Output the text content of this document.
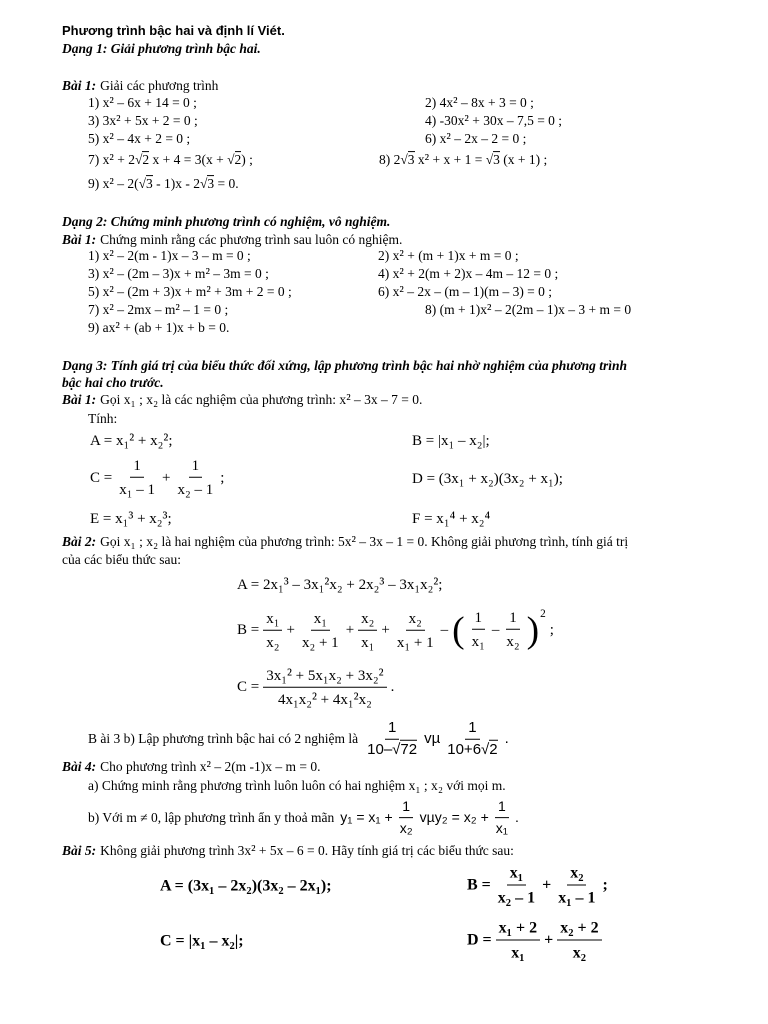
Phương trình bậc hai và định lí Viét.
Dạng 1: Giải phương trình bậc hai.
Bài 1: Giải các phương trình
1) x² – 6x + 14 = 0 ;	2) 4x² – 8x + 3 = 0 ;
3) 3x² + 5x + 2 = 0 ;	4) -30x² + 30x – 7,5 = 0 ;
5) x² – 4x + 2 = 0 ;	6) x² – 2x – 2 = 0 ;
7) x² + 2√2 x + 4 = 3(x + √2) ;	8) 2√3 x² + x + 1 = √3 (x + 1) ;
9) x² – 2(√3 - 1)x - 2√3 = 0.
Dạng 2: Chứng minh phương trình có nghiệm, vô nghiệm.
Bài 1: Chứng minh rằng các phương trình sau luôn có nghiệm.
1) x² – 2(m - 1)x – 3 – m = 0 ;	2) x² + (m + 1)x + m = 0 ;
3) x² – (2m – 3)x + m² – 3m = 0 ;	4) x² + 2(m + 2)x – 4m – 12 = 0 ;
5) x² – (2m + 3)x + m² + 3m + 2 = 0 ;	6) x² – 2x – (m – 1)(m – 3) = 0 ;
7) x² – 2mx – m² – 1 = 0 ;	8) (m + 1)x² – 2(2m – 1)x – 3 + m = 0
9) ax² + (ab + 1)x + b = 0.
Dạng 3: Tính giá trị của biểu thức đối xứng, lập phương trình bậc hai nhờ nghiệm của phương trình
bậc hai cho trước.
Bài 1: Gọi x₁ ; x₂ là các nghiệm của phương trình: x² – 3x – 7 = 0.
Tính:
A = x₁² + x₂²;	B = |x₁ – x₂|;
$C = \frac{1}{\text{x₁ – 1}} + \frac{1}{\text{x₂ – 1}}$ ;	D = (3x₁ + x₂)(3x₂ + x₁);
E = x₁³ + x₂³;	F = x₁⁴ + x₂⁴
Bài 2: Gọi x₁ ; x₂ là hai nghiệm của phương trình: 5x² – 3x – 1 = 0. Không giải phương trình, tính giá trị
của các biểu thức sau:
A = 2x₁³ – 3x₁²x₂ + 2x₂³ – 3x₁x₂²;
$B = \frac{\text{x₁}}{\text{x₂}} + \frac{\text{x₁}}{\text{x₂ + 1}} + \frac{\text{x₂}}{\text{x₁}} + \frac{\text{x₂}}{\text{x₁ + 1}}$ – ( $\frac{1}{\text{x₁}} - \frac{1}{\text{x₂}}$ ) 2
;
$C = \frac{\text{3x₁² + 5x₁x₂ + 3x₂²}}{\text{4x₁x₂² + 4x₁²x₂}}$ .
B ài 3 b) Lập phương trình bậc hai có 2 nghiệm là $\frac{1}{10-√72}$ vµ $\frac{1}{10+6√2}$ .
Bài 4: Cho phương trình x² – 2(m -1)x – m = 0.
a) Chứng minh rằng phương trình luôn luôn có hai nghiệm x₁ ; x₂ với mọi m.
b) Với m ≠ 0, lập phương trình ẩn y thoả mãn $y_1 = x_1 + \frac{1}{\text{x₂}} v\mu y_2 = x_2 + \frac{1}{\text{x₁}}$ .
Bài 5: Không giải phương trình 3x² + 5x – 6 = 0. Hãy tính giá trị các biểu thức sau:
A = (3x₁ – 2x₂)(3x₂ – 2x₁);	$B = \frac{\text{x₁}}{\text{x₂ – 1}} + \frac{\text{x₂}}{\text{x₁ – 1}}$ ;
C = |x₁ – x₂|;	$D = \frac{\text{x₁ + 2}}{\text{x₁}} + \frac{\text{x₂ + 2}}{\text{x₂}}$
